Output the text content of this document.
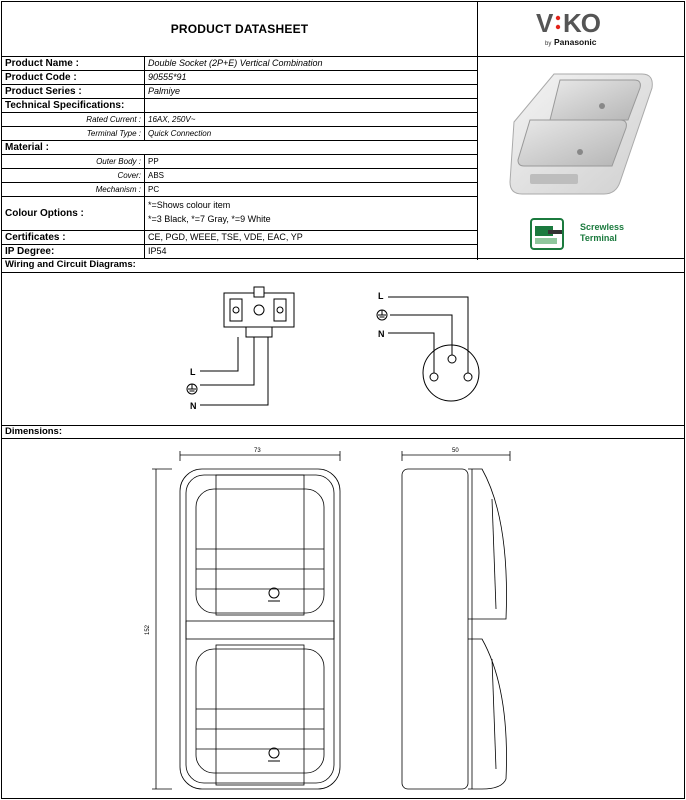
PRODUCT DATASHEET	V KO
by Panasonic
Product Name :	Double Socket (2P+E) Vertical Combination
Product Code :	90555*91
Product Series :	Palmiye
Technical Specifications:
Rated Current : 16AX, 250V~
Terminal Type : Quick Connection
Material :
Outer Body : PP
Cover: ABS
Mechanism : PC
Colour Options :
*=Shows colour item
*=3 Black, *=7 Gray, *=9 White
Certificates :	CE, PGD, WEEE, TSE, VDE, EAC, YP
IP Degree:	IP54
Screwless
Terminal
Wiring and Circuit Diagrams:
L
N
L
N
Dimensions:
73	50
152
